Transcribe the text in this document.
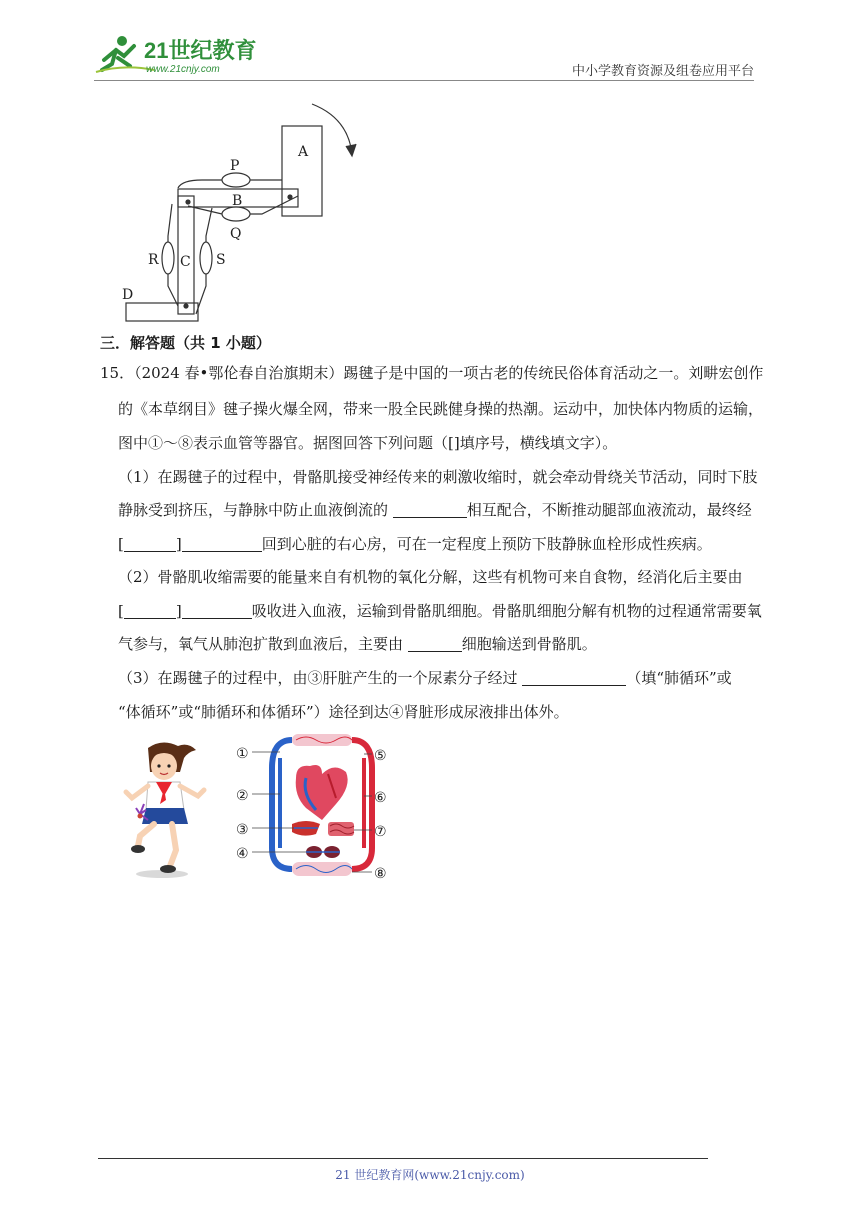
21世纪教育
www.21cnjy.com	中小学教育资源及组卷应用平台
A
P
B
Q
R C S
D
三．解答题（共 1 小题）
15．（2024 春•鄂伦春自治旗期末）踢毽子是中国的一项古老的传统民俗体育活动之一。刘畊宏创作
的《本草纲目》毽子操火爆全网，带来一股全民跳健身操的热潮。运动中，加快体内物质的运输，
图中①～⑧表示血管等器官。据图回答下列问题（[]填序号，横线填文字）。
（1）在踢毽子的过程中，骨骼肌接受神经传来的刺激收缩时，就会牵动骨绕关节活动，同时下肢
静脉受到挤压，与静脉中防止血液倒流的	相互配合，不断推动腿部血液流动，最终经
[	]	回到心脏的右心房，可在一定程度上预防下肢静脉血栓形成性疾病。
（2）骨骼肌收缩需要的能量来自有机物的氧化分解，这些有机物可来自食物，经消化后主要由
[	]	吸收进入血液，运输到骨骼肌细胞。骨骼肌细胞分解有机物的过程通常需要氧
气参与，氧气从肺泡扩散到血液后，主要由	细胞输送到骨骼肌。
（3）在踢毽子的过程中，由③肝脏产生的一个尿素分子经过	（填“肺循环”或
“体循环”或“肺循环和体循环”）途径到达④肾脏形成尿液排出体外。
①
②
③
④
⑤
⑥
⑦
⑧
21 世纪教育网(www.21cnjy.com)
